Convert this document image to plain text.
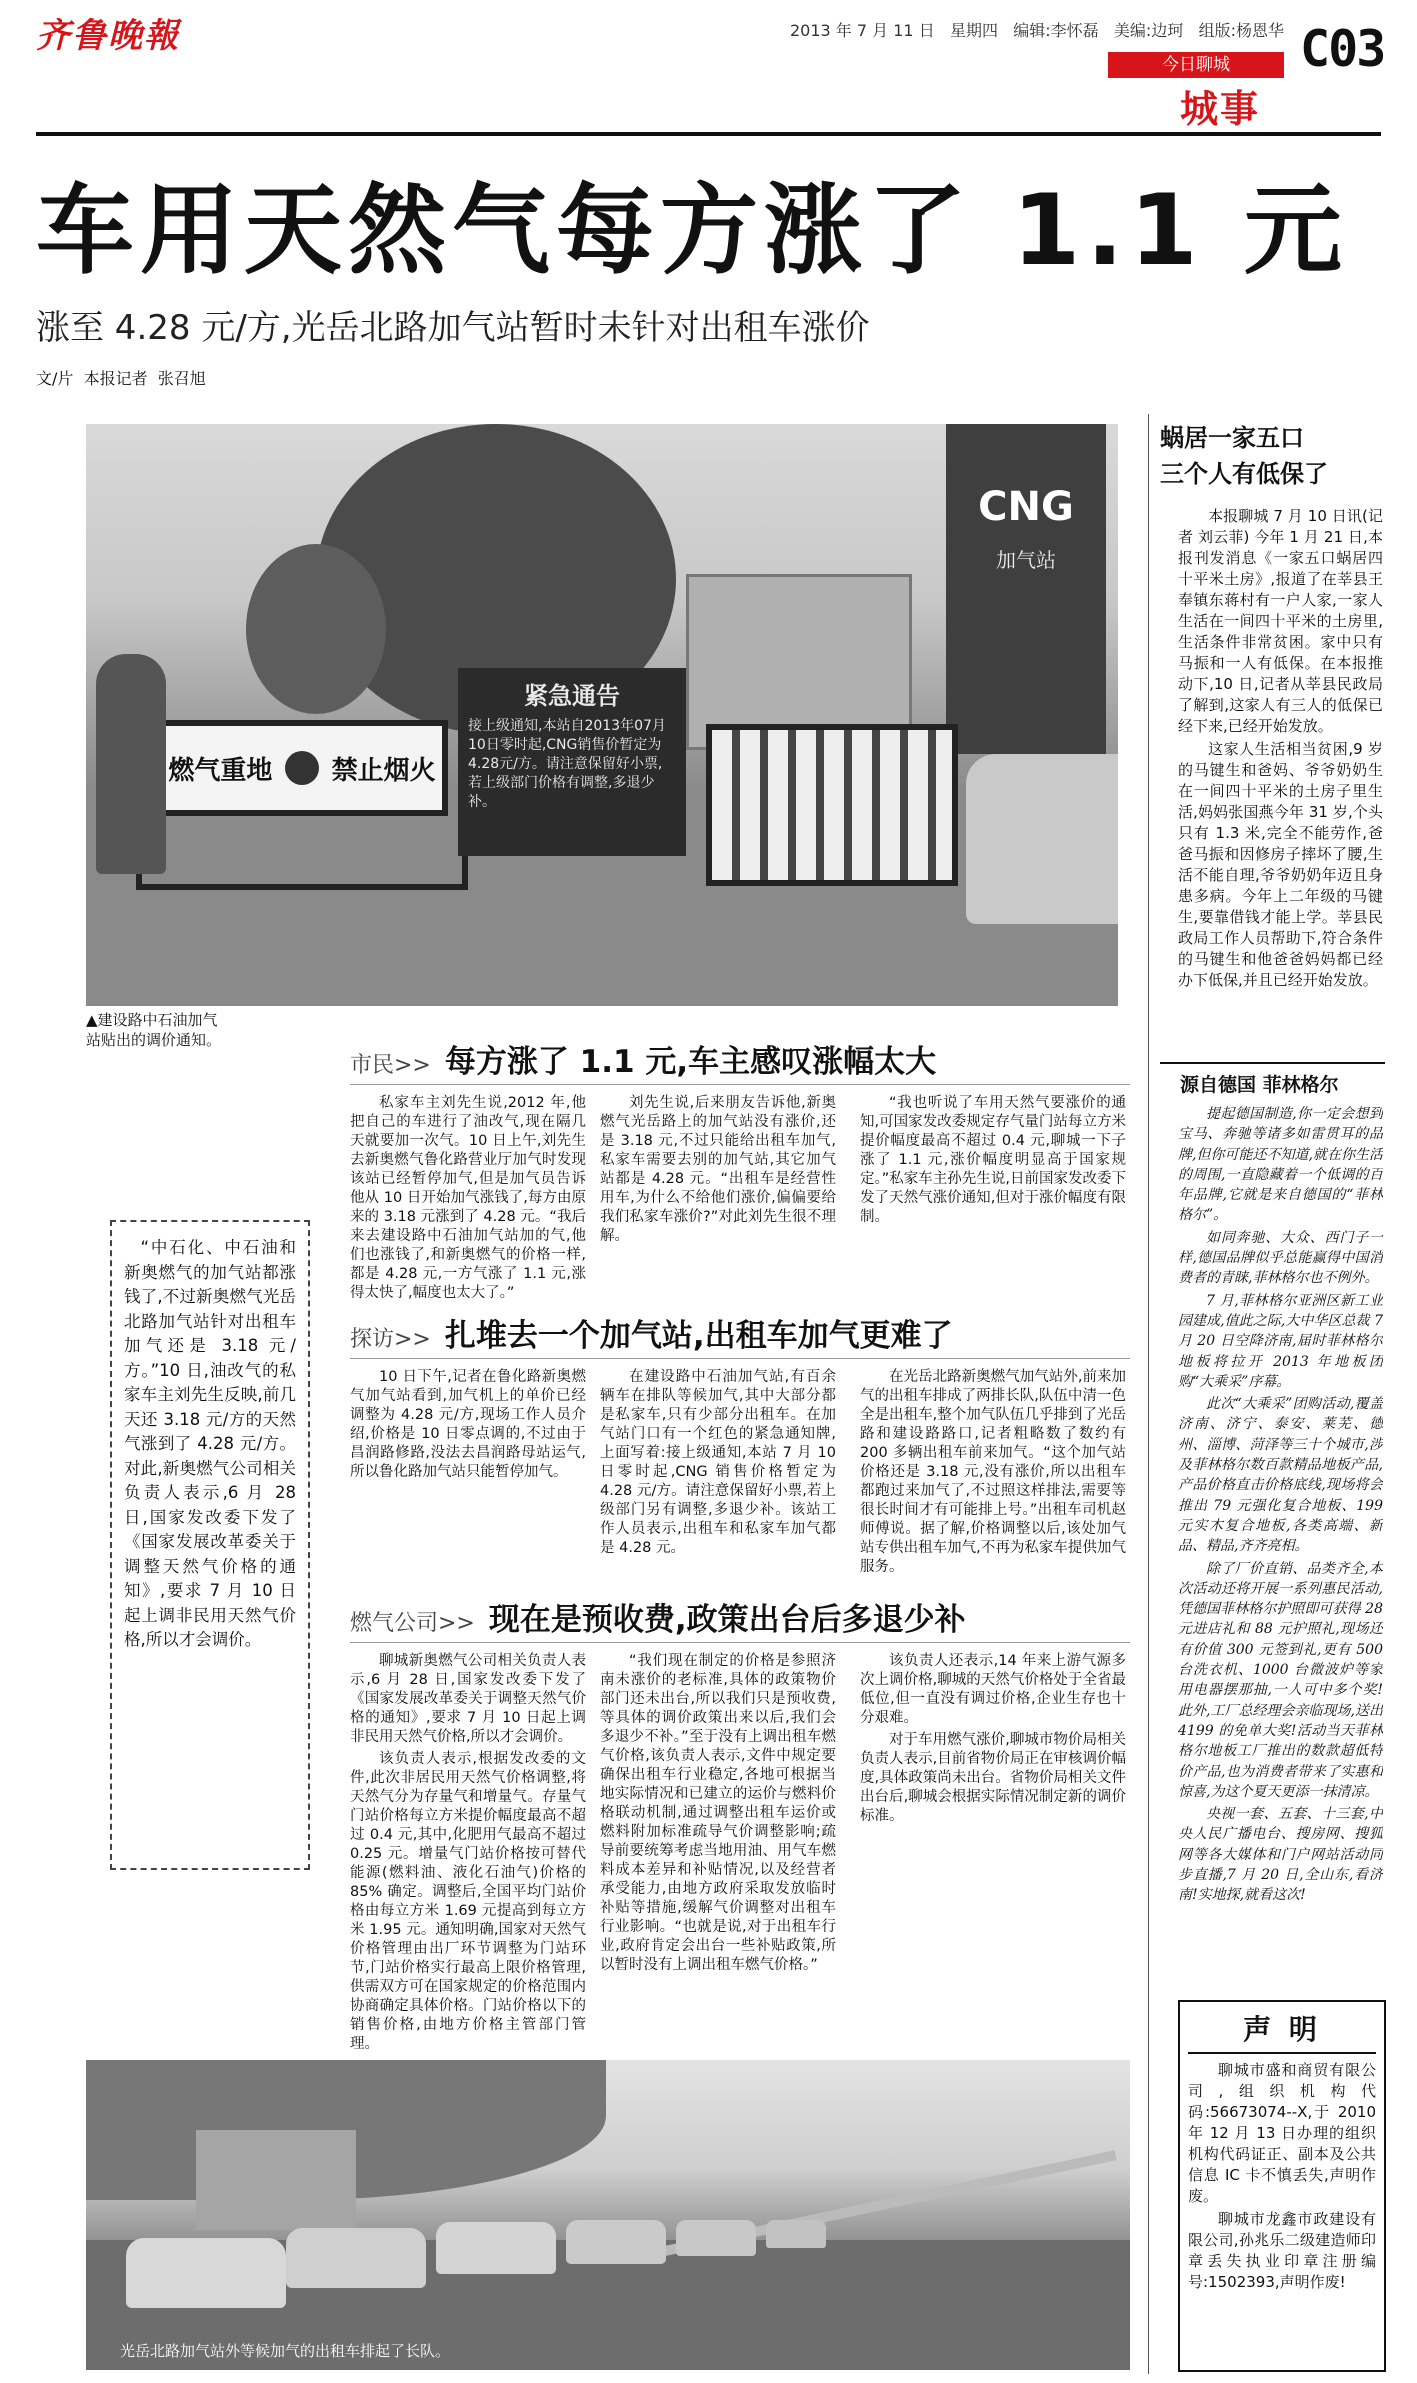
齐鲁晚報	2013 年 7 月 11 日 星期四 编辑:李怀磊 美编:边珂 组版:杨恩华
今日聊城
城事
C03
车用天然气每方涨了 1.1 元
涨至 4.28 元/方,光岳北路加气站暂时未针对出租车涨价
文/片  本报记者  张召旭
CNG
加气站
燃气重地 禁止烟火
紧急通告
接上级通知,本站自2013年07月10日零时起,CNG销售价暂定为4.28元/方。请注意保留好小票,若上级部门价格有调整,多退少补。
▲建设路中石油加气站贴出的调价通知。
“中石化、中石油和新奥燃气的加气站都涨钱了,不过新奥燃气光岳北路加气站针对出租车加气还是 3.18 元/方。”10 日,油改气的私家车主刘先生反映,前几天还 3.18 元/方的天然气涨到了 4.28 元/方。对此,新奥燃气公司相关负责人表示,6 月 28 日,国家发改委下发了《国家发展改革委关于调整天然气价格的通知》,要求 7 月 10 日起上调非民用天然气价格,所以才会调价。
市民>> 每方涨了 1.1 元,车主感叹涨幅太大

私家车主刘先生说,2012 年,他把自己的车进行了油改气,现在隔几天就要加一次气。10 日上午,刘先生去新奥燃气鲁化路营业厅加气时发现该站已经暂停加气,但是加气员告诉他从 10 日开始加气涨钱了,每方由原来的 3.18 元涨到了 4.28 元。“我后来去建设路中石油加气站加的气,他们也涨钱了,和新奥燃气的价格一样,都是 4.28 元,一方气涨了 1.1 元,涨得太快了,幅度也太大了。”

刘先生说,后来朋友告诉他,新奥燃气光岳路上的加气站没有涨价,还是 3.18 元,不过只能给出租车加气,私家车需要去别的加气站,其它加气站都是 4.28 元。“出租车是经营性用车,为什么不给他们涨价,偏偏要给我们私家车涨价?”对此刘先生很不理解。

“我也听说了车用天然气要涨价的通知,可国家发改委规定存气量门站每立方米提价幅度最高不超过 0.4 元,聊城一下子涨了 1.1 元,涨价幅度明显高于国家规定。”私家车主孙先生说,日前国家发改委下发了天然气涨价通知,但对于涨价幅度有限制。

探访>> 扎堆去一个加气站,出租车加气更难了

10 日下午,记者在鲁化路新奥燃气加气站看到,加气机上的单价已经调整为 4.28 元/方,现场工作人员介绍,价格是 10 日零点调的,不过由于昌润路修路,没法去昌润路母站运气,所以鲁化路加气站只能暂停加气。

在建设路中石油加气站,有百余辆车在排队等候加气,其中大部分都是私家车,只有少部分出租车。在加气站门口有一个红色的紧急通知牌,上面写着:接上级通知,本站 7 月 10 日零时起,CNG 销售价格暂定为 4.28 元/方。请注意保留好小票,若上级部门另有调整,多退少补。该站工作人员表示,出租车和私家车加气都是 4.28 元。

在光岳北路新奥燃气加气站外,前来加气的出租车排成了两排长队,队伍中清一色全是出租车,整个加气队伍几乎排到了光岳路和建设路路口,记者粗略数了数约有 200 多辆出租车前来加气。“这个加气站价格还是 3.18 元,没有涨价,所以出租车都跑过来加气了,不过照这样排法,需要等很长时间才有可能排上号。”出租车司机赵师傅说。据了解,价格调整以后,该处加气站专供出租车加气,不再为私家车提供加气服务。

燃气公司>> 现在是预收费,政策出台后多退少补

聊城新奥燃气公司相关负责人表示,6 月 28 日,国家发改委下发了《国家发展改革委关于调整天然气价格的通知》,要求 7 月 10 日起上调非民用天然气价格,所以才会调价。

该负责人表示,根据发改委的文件,此次非居民用天然气价格调整,将天然气分为存量气和增量气。存量气门站价格每立方米提价幅度最高不超过 0.4 元,其中,化肥用气最高不超过 0.25 元。增量气门站价格按可替代能源(燃料油、液化石油气)价格的 85% 确定。调整后,全国平均门站价格由每立方米 1.69 元提高到每立方米 1.95 元。通知明确,国家对天然气价格管理由出厂环节调整为门站环节,门站价格实行最高上限价格管理,供需双方可在国家规定的价格范围内协商确定具体价格。门站价格以下的销售价格,由地方价格主管部门管理。

“我们现在制定的价格是参照济南未涨价的老标准,具体的政策物价部门还未出台,所以我们只是预收费,等具体的调价政策出来以后,我们会多退少不补。”至于没有上调出租车燃气价格,该负责人表示,文件中规定要确保出租车行业稳定,各地可根据当地实际情况和已建立的运价与燃料价格联动机制,通过调整出租车运价或燃料附加标准疏导气价调整影响;疏导前要统筹考虑当地用油、用气车燃料成本差异和补贴情况,以及经营者承受能力,由地方政府采取发放临时补贴等措施,缓解气价调整对出租车行业影响。“也就是说,对于出租车行业,政府肯定会出台一些补贴政策,所以暂时没有上调出租车燃气价格。”

该负责人还表示,14 年来上游气源多次上调价格,聊城的天然气价格处于全省最低位,但一直没有调过价格,企业生存也十分艰难。

对于车用燃气涨价,聊城市物价局相关负责人表示,目前省物价局正在审核调价幅度,具体政策尚未出台。省物价局相关文件出台后,聊城会根据实际情况制定新的调价标准。

光岳北路加气站外等候加气的出租车排起了长队。
蜗居一家五口
三个人有低保了

本报聊城 7 月 10 日讯(记者 刘云菲) 今年 1 月 21 日,本报刊发消息《一家五口蜗居四十平米土房》,报道了在莘县王奉镇东蒋村有一户人家,一家人生活在一间四十平米的土房里,生活条件非常贫困。家中只有马振和一人有低保。在本报推动下,10 日,记者从莘县民政局了解到,这家人有三人的低保已经下来,已经开始发放。

这家人生活相当贫困,9 岁的马键生和爸妈、爷爷奶奶生在一间四十平米的土房子里生活,妈妈张国燕今年 31 岁,个头只有 1.3 米,完全不能劳作,爸爸马振和因修房子摔坏了腰,生活不能自理,爷爷奶奶年迈且身患多病。今年上二年级的马键生,要靠借钱才能上学。莘县民政局工作人员帮助下,符合条件的马键生和他爸爸妈妈都已经办下低保,并且已经开始发放。

源自德国 菲林格尔

提起德国制造,你一定会想到宝马、奔驰等诸多如雷贯耳的品牌,但你可能还不知道,就在你生活的周围,一直隐藏着一个低调的百年品牌,它就是来自德国的“菲林格尔”。

如同奔驰、大众、西门子一样,德国品牌似乎总能赢得中国消费者的青睐,菲林格尔也不例外。

7 月,菲林格尔亚洲区新工业园建成,值此之际,大中华区总裁 7 月 20 日空降济南,届时菲林格尔地板将拉开 2013 年地板团购“大乘采”序幕。

此次“大乘采”团购活动,覆盖济南、济宁、泰安、莱芜、德州、淄博、菏泽等三十个城市,涉及菲林格尔数百款精品地板产品,产品价格直击价格底线,现场将会推出 79 元强化复合地板、199 元实木复合地板,各类高端、新品、精品,齐齐亮相。

除了厂价直销、品类齐全,本次活动还将开展一系列惠民活动,凭德国菲林格尔护照即可获得 28 元进店礼和 88 元护照礼,现场还有价值 300 元签到礼,更有 500 台洗衣机、1000 台微波炉等家用电器摆那抽,一人可中多个奖!此外,工厂总经理会亲临现场,送出 4199 的免单大奖!活动当天菲林格尔地板工厂推出的数款超低特价产品,也为消费者带来了实惠和惊喜,为这个夏天更添一抹清凉。

央视一套、五套、十三套,中央人民广播电台、搜房网、搜狐网等各大媒体和门户网站活动同步直播,7 月 20 日,全山东,看济南!实地探,就看这次!

声 明

聊城市盛和商贸有限公司,组织机构代码:56673074--X,于 2010 年 12 月 13 日办理的组织机构代码证正、副本及公共信息 IC 卡不慎丢失,声明作废。

聊城市龙鑫市政建设有限公司,孙兆乐二级建造师印章丢失执业印章注册编号:1502393,声明作废!
